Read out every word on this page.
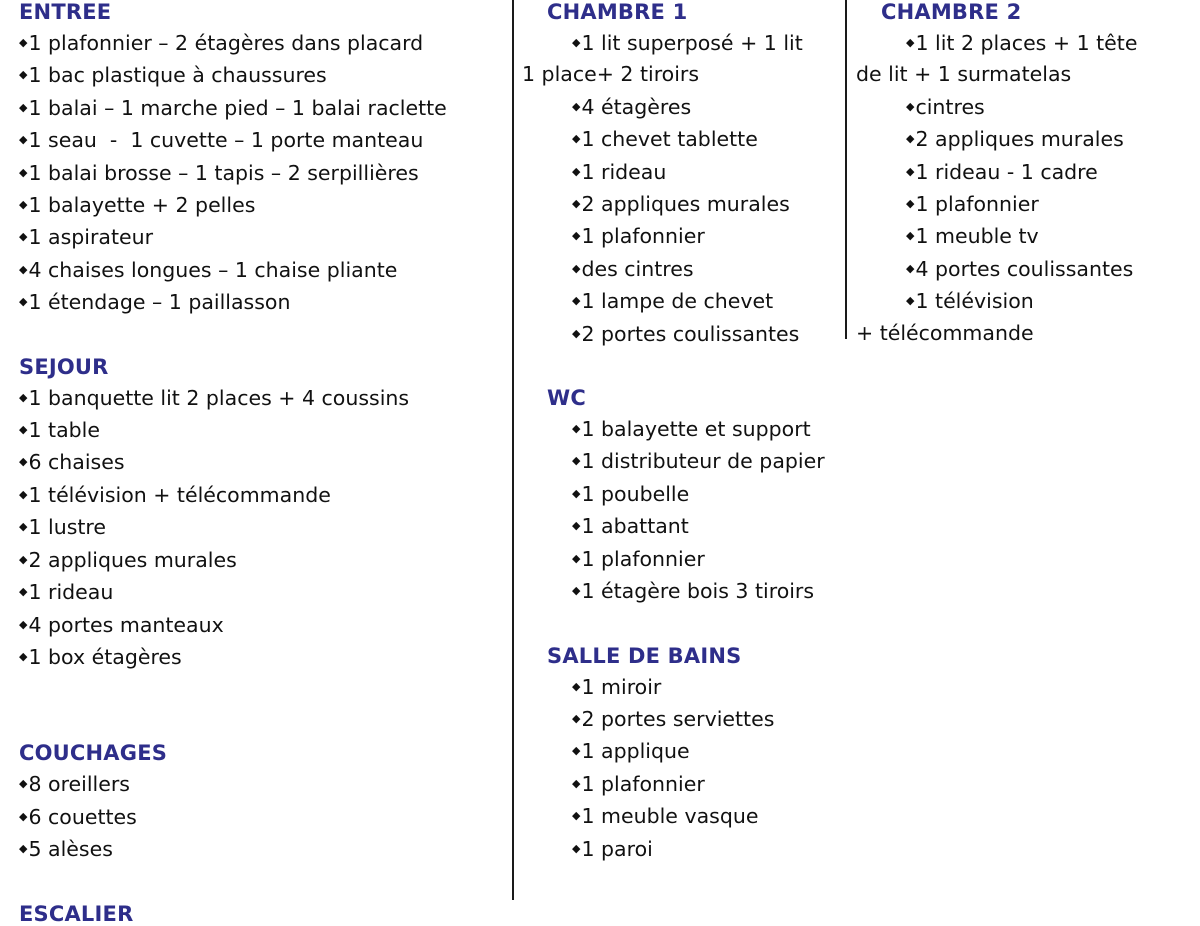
ENTREE
◆1 plafonnier – 2 étagères dans placard
◆1 bac plastique à chaussures
◆1 balai – 1 marche pied – 1 balai raclette
◆1 seau  -  1 cuvette – 1 porte manteau
◆1 balai brosse – 1 tapis – 2 serpillières
◆1 balayette + 2 pelles
◆1 aspirateur
◆4 chaises longues – 1 chaise pliante
◆1 étendage – 1 paillasson
SEJOUR
◆1 banquette lit 2 places + 4 coussins
◆1 table
◆6 chaises
◆1 télévision + télécommande
◆1 lustre
◆2 appliques murales
◆1 rideau
◆4 portes manteaux
◆1 box étagères
COUCHAGES
◆8 oreillers
◆6 couettes
◆5 alèses
ESCALIER
CHAMBRE 1
◆1 lit superposé + 1 lit 1 place+ 2 tiroirs
◆4 étagères
◆1 chevet tablette
◆1 rideau
◆2 appliques murales
◆1 plafonnier
◆des cintres
◆1 lampe de chevet
◆2 portes coulissantes
WC
◆1 balayette et support
◆1 distributeur de papier
◆1 poubelle
◆1 abattant
◆1 plafonnier
◆1 étagère bois 3 tiroirs
SALLE DE BAINS
◆1 miroir
◆2 portes serviettes
◆1 applique
◆1 plafonnier
◆1 meuble vasque
◆1 paroi
CHAMBRE 2
◆1 lit 2 places + 1 tête de lit + 1 surmatelas
◆cintres
◆2 appliques murales
◆1 rideau - 1 cadre
◆1 plafonnier
◆1 meuble tv
◆4 portes coulissantes
◆1 télévision + télécommande
